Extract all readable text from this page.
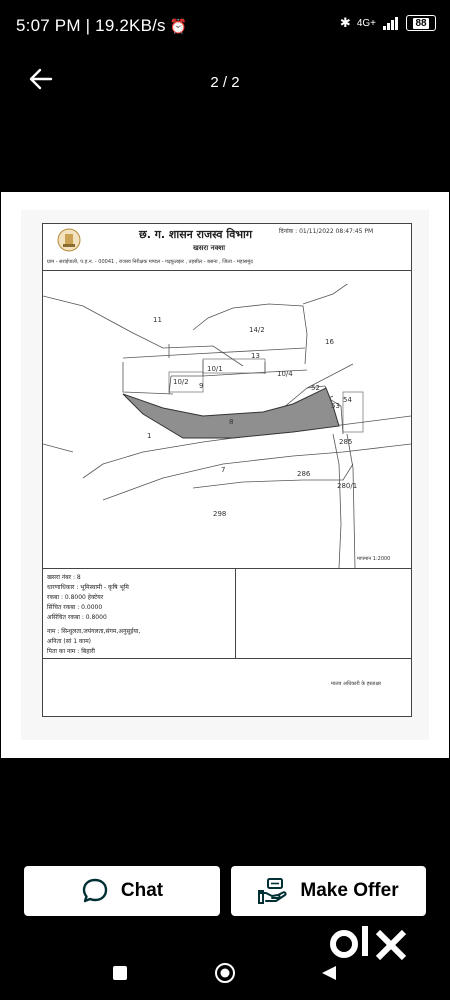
5:07 PM | 19.2KB/s ⏰	✱ 4G+	88
2 / 2
छ. ग. शासन राजस्व विभाग
खसरा नक्शा
दिनांक : 01/11/2022 08:47:45 PM
ग्राम - सराईपाली, प.ह.न. - 00041 , राजस्व निरीक्षक मण्डल - गढ़फुलझर , तहसील - बसना , जिला - महासमुंद
11
14/2
16
13
10/1
10/4
10/2 9	52
54
53
8
1
285
7	286
280/1
298
मापमान 1:2000
खसरा नंबर : 8
धारणाधिकार : भूमिस्वामी - कृषि भूमि
रकबा : 0.8000 हेक्टेयर
सिंचित रकबा : 0.0000
असिंचित रकबा : 0.8000
नाम : सिन्धुलता,जयंगलता,संगम,अनुसूईया,
अनिता (सां 1 काम)
पिता का नाम : बिहारी
मालव अधिकारी के हस्ताक्षर
Chat	Make Offer
